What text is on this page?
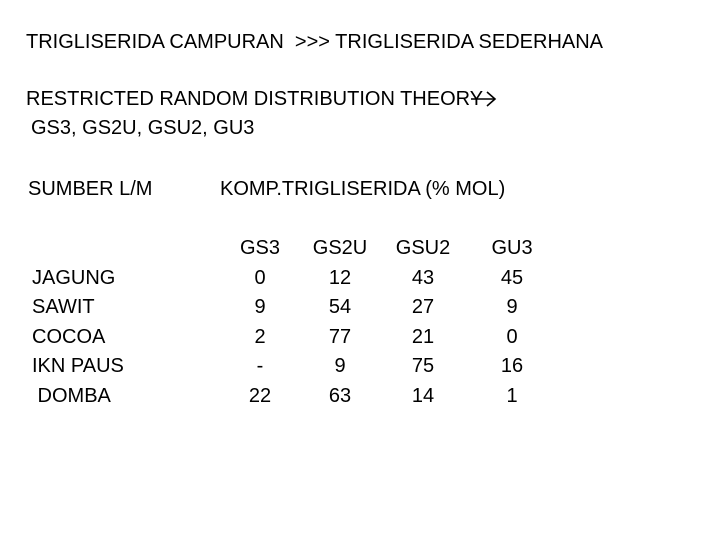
TRIGLISERIDA CAMPURAN  >>> TRIGLISERIDA SEDERHANA
RESTRICTED RANDOM DISTRIBUTION THEORY
GS3, GS2U, GSU2, GU3
SUMBER L/M	KOMP.TRIGLISERIDA (% MOL)
JAGUNG
SAWIT
COCOA
IKN PAUS
DOMBA
GS3
0
9
2
-
22
GS2U
12
54
77
9
63
GSU2
43
27
21
75
14
GU3
45
9
0
16
1
